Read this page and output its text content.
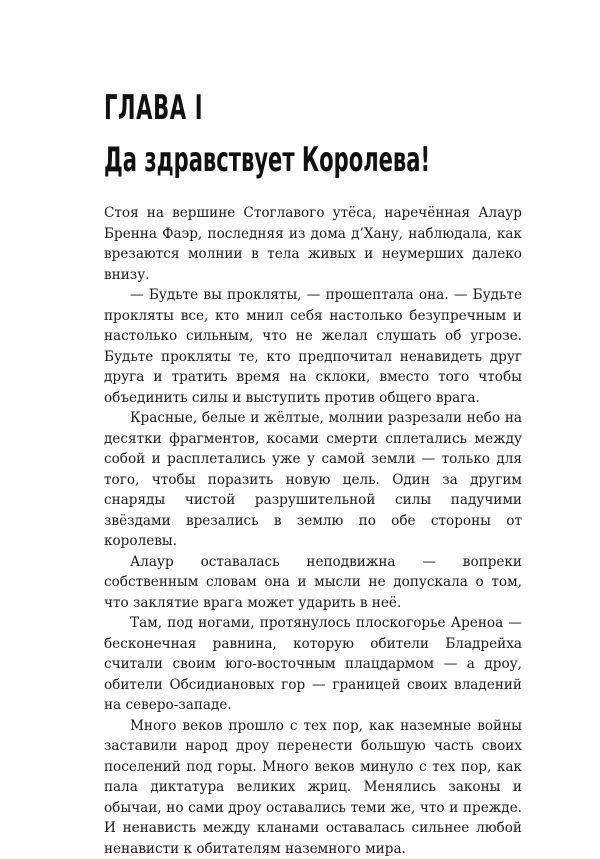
ГЛАВА I
Да здравствует Королева!

Стоя на вершине Стоглавого утёса, наречённая Алаур Бренна Фаэр, последняя из дома д’Хану, наблюдала, как врезаются молнии в тела живых и неумерших далеко внизу.

— Будьте вы прокляты, — прошептала она. — Будьте прокляты все, кто мнил себя настолько безупречным и настолько сильным, что не желал слушать об угрозе. Будьте прокляты те, кто предпочитал ненавидеть друг друга и тратить время на склоки, вместо того чтобы объединить силы и выступить против общего врага.

Красные, белые и жёлтые, молнии разрезали небо на десятки фрагментов, косами смерти сплетались между собой и расплетались уже у самой земли — только для того, чтобы поразить новую цель. Один за другим снаряды чистой разрушительной силы падучими звёздами врезались в землю по обе стороны от королевы.

Алаур оставалась неподвижна — вопреки собственным словам она и мысли не допускала о том, что заклятие врага может ударить в неё.

Там, под ногами, протянулось плоскогорье Ареноа — бесконечная равнина, которую обители Бладрейха считали своим юго-восточным плацдармом — а дроу, обители Обсидиановых гор — границей своих владений на северо-западе.

Много веков прошло с тех пор, как наземные войны заставили народ дроу перенести большую часть своих поселений под горы. Много веков минуло с тех пор, как пала диктатура великих жриц. Менялись законы и обычаи, но сами дроу оставались теми же, что и прежде. И ненависть между кланами оставалась сильнее любой ненависти к обитателям наземного мира.
